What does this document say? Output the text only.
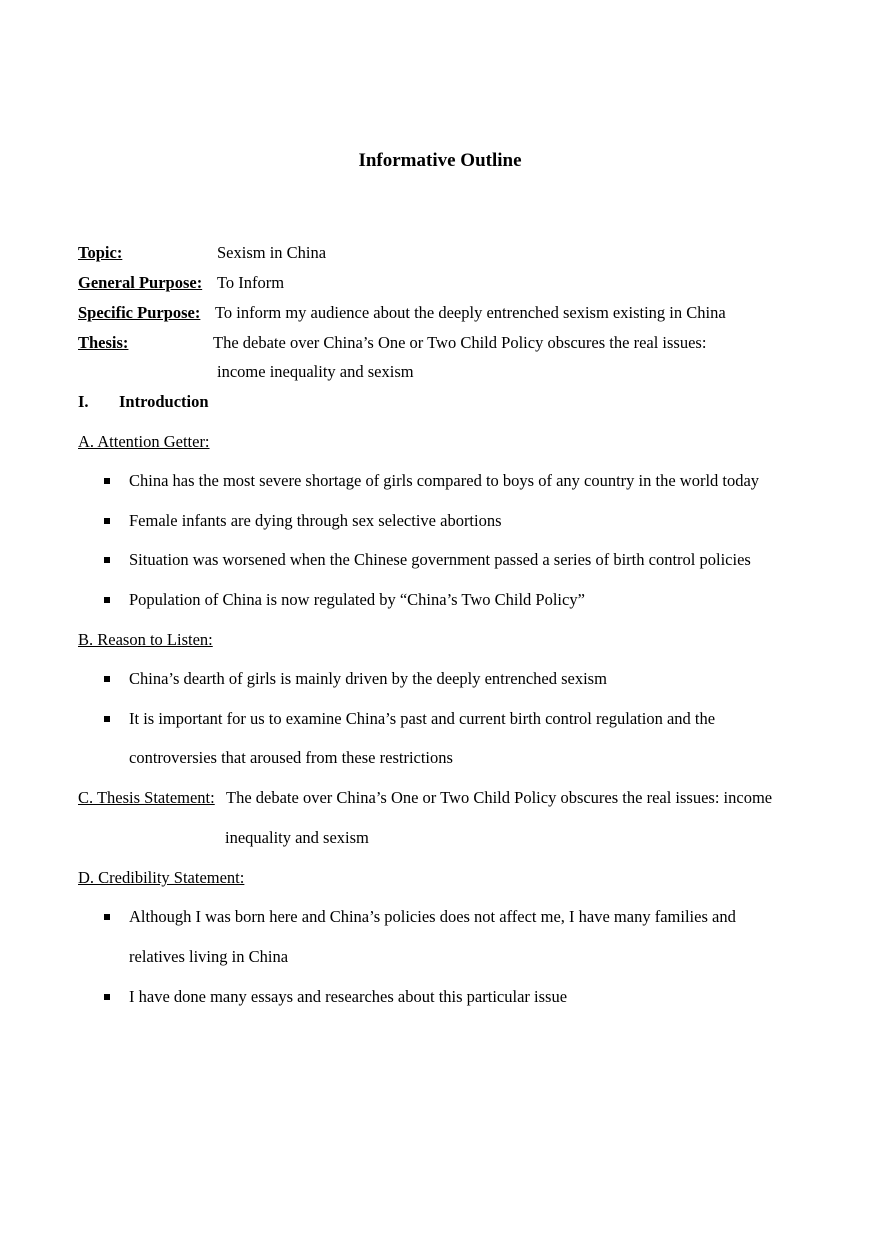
Informative Outline
Topic:	Sexism in China
General Purpose: To Inform
Specific Purpose: To inform my audience about the deeply entrenched sexism existing in China
Thesis:	The debate over China’s One or Two Child Policy obscures the real issues:
income inequality and sexism
I. Introduction
A. Attention Getter:
China has the most severe shortage of girls compared to boys of any country in the world today
Female infants are dying through sex selective abortions
Situation was worsened when the Chinese government passed a series of birth control policies
Population of China is now regulated by “China’s Two Child Policy”
B. Reason to Listen:
China’s dearth of girls is mainly driven by the deeply entrenched sexism
It is important for us to examine China’s past and current birth control regulation and the
controversies that aroused from these restrictions
C. Thesis Statement: The debate over China’s One or Two Child Policy obscures the real issues: income
inequality and sexism
D. Credibility Statement:
Although I was born here and China’s policies does not affect me, I have many families and
relatives living in China
I have done many essays and researches about this particular issue
